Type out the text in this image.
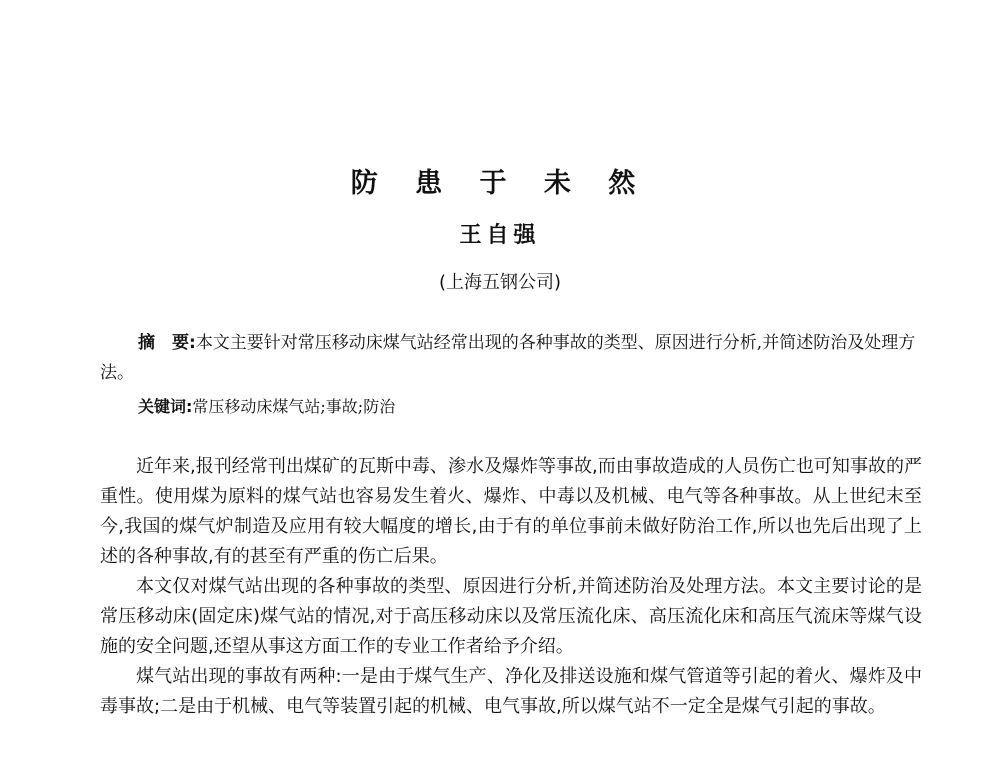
防 患 于 未 然
王自强
(上海五钢公司)
摘　要:本文主要针对常压移动床煤气站经常出现的各种事故的类型、原因进行分析,并简述防治及处理方法。
关键词:常压移动床煤气站;事故;防治

近年来,报刊经常刊出煤矿的瓦斯中毒、渗水及爆炸等事故,而由事故造成的人员伤亡也可知事故的严重性。使用煤为原料的煤气站也容易发生着火、爆炸、中毒以及机械、电气等各种事故。从上世纪末至今,我国的煤气炉制造及应用有较大幅度的增长,由于有的单位事前未做好防治工作,所以也先后出现了上述的各种事故,有的甚至有严重的伤亡后果。

本文仅对煤气站出现的各种事故的类型、原因进行分析,并简述防治及处理方法。本文主要讨论的是常压移动床(固定床)煤气站的情况,对于高压移动床以及常压流化床、高压流化床和高压气流床等煤气设施的安全问题,还望从事这方面工作的专业工作者给予介绍。

煤气站出现的事故有两种:一是由于煤气生产、净化及排送设施和煤气管道等引起的着火、爆炸及中毒事故;二是由于机械、电气等装置引起的机械、电气事故,所以煤气站不一定全是煤气引起的事故。
